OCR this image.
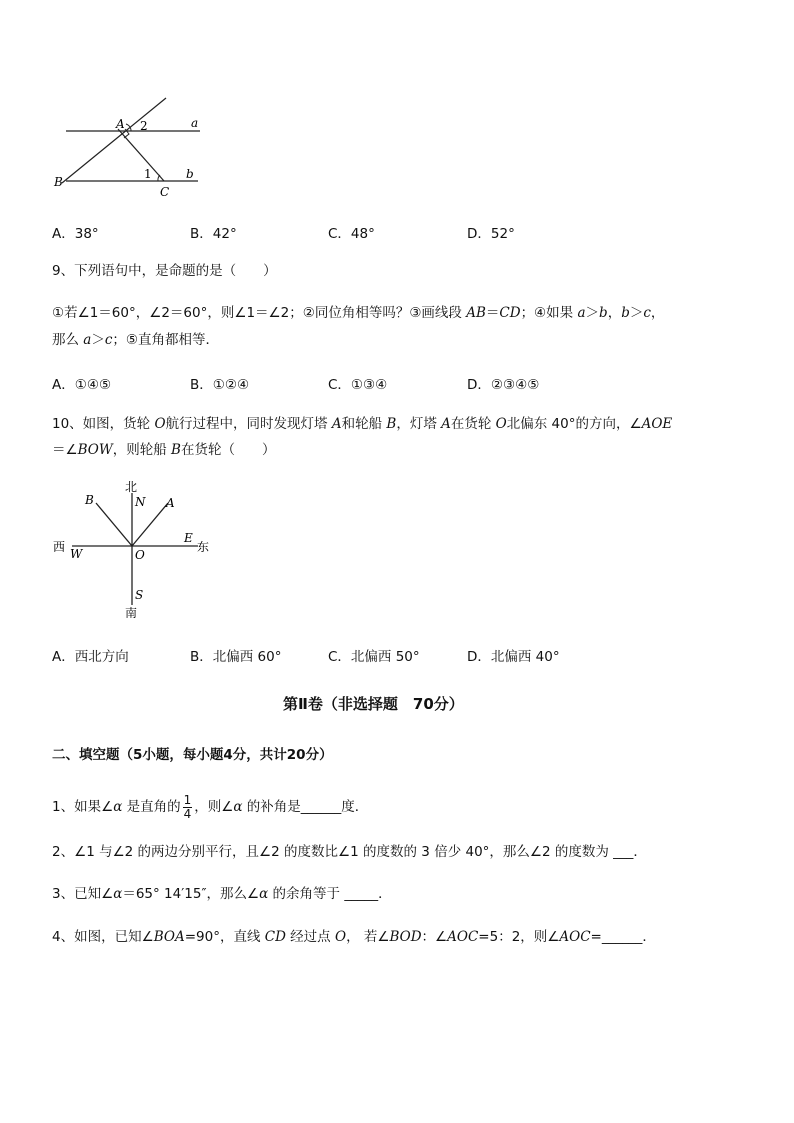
A 2	a
B
1
C
b
A．38°	B．42°	C．48°	D．52°
9、下列语句中，是命题的是（　　）
①若∠1＝60°，∠2＝60°，则∠1＝∠2；②同位角相等吗？③画线段 AB＝CD；④如果 a＞b，b＞c，
那么 a＞c；⑤直角都相等．
A．①④⑤	B．①②④	C．①③④	D．②③④⑤
10、如图，货轮 O航行过程中，同时发现灯塔 A和轮船 B，灯塔 A在货轮 O北偏东 40°的方向，∠AOE
＝∠BOW，则轮船 B在货轮（　　）
北
N
B	A
西 W	O
E
东
S
南
A．西北方向	B．北偏西 60°	C．北偏西 50°	D．北偏西 40°
第Ⅱ卷（非选择题　70分）
二、填空题（5小题，每小题4分，共计20分）
1、如果∠α 是直角的 $\frac{1}{4}$ ，则∠α 的补角是______度．
2、∠1 与∠2 的两边分别平行，且∠2 的度数比∠1 的度数的 3 倍少 40°，那么∠2 的度数为 ___．
3、已知∠α＝65° 14′15″，那么∠α 的余角等于 _____．
4、如图，已知∠BOA=90°，直线 CD 经过点 O， 若∠BOD：∠AOC=5：2，则∠AOC=______．
